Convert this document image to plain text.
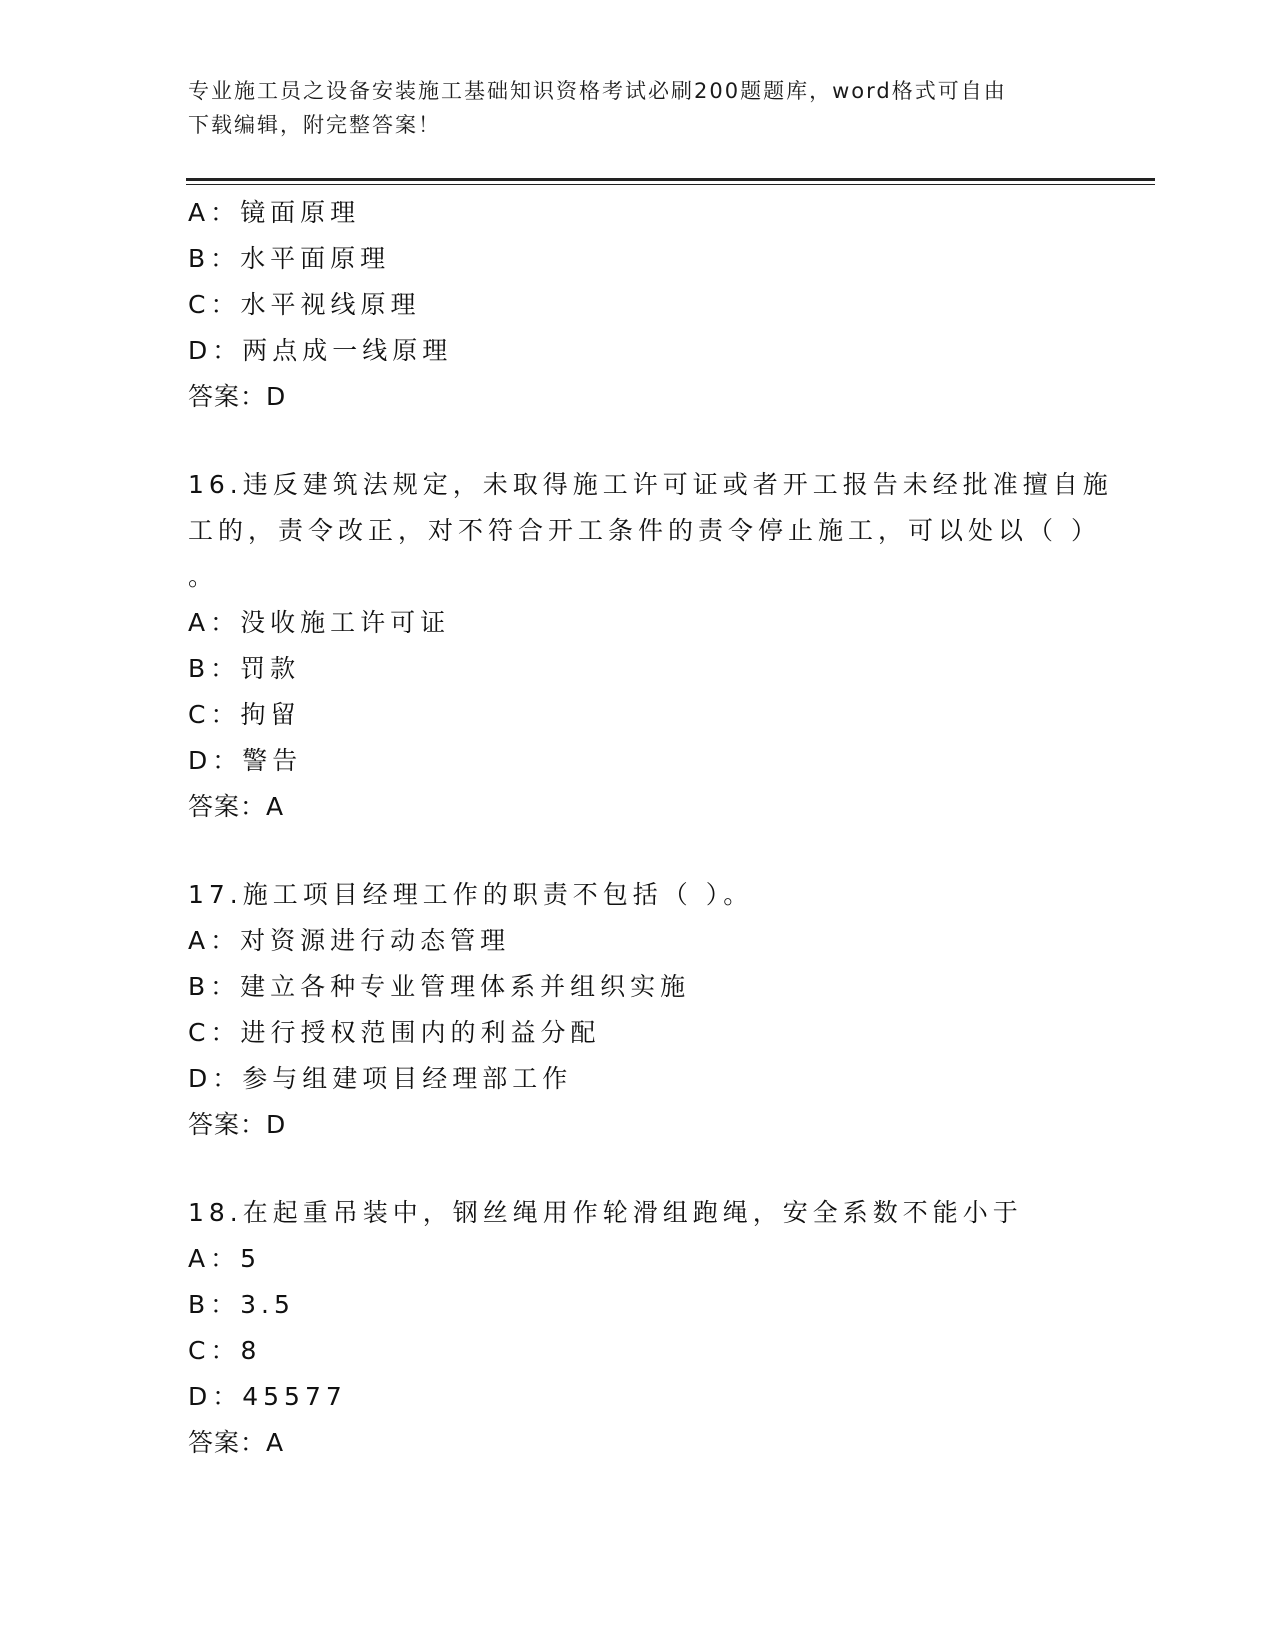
专业施工员之设备安装施工基础知识资格考试必刷200题题库，word格式可自由
下载编辑，附完整答案！
A：镜面原理
B：水平面原理
C：水平视线原理
D：两点成一线原理
答案：D
16.违反建筑法规定，未取得施工许可证或者开工报告未经批准擅自施
工的，责令改正，对不符合开工条件的责令停止施工，可以处以（ ）
。
A：没收施工许可证
B：罚款
C：拘留
D：警告
答案：A
17.施工项目经理工作的职责不包括（ ）。
A：对资源进行动态管理
B：建立各种专业管理体系并组织实施
C：进行授权范围内的利益分配
D：参与组建项目经理部工作
答案：D
18.在起重吊装中，钢丝绳用作轮滑组跑绳，安全系数不能小于
A：5
B：3.5
C：8
D：45577
答案：A
